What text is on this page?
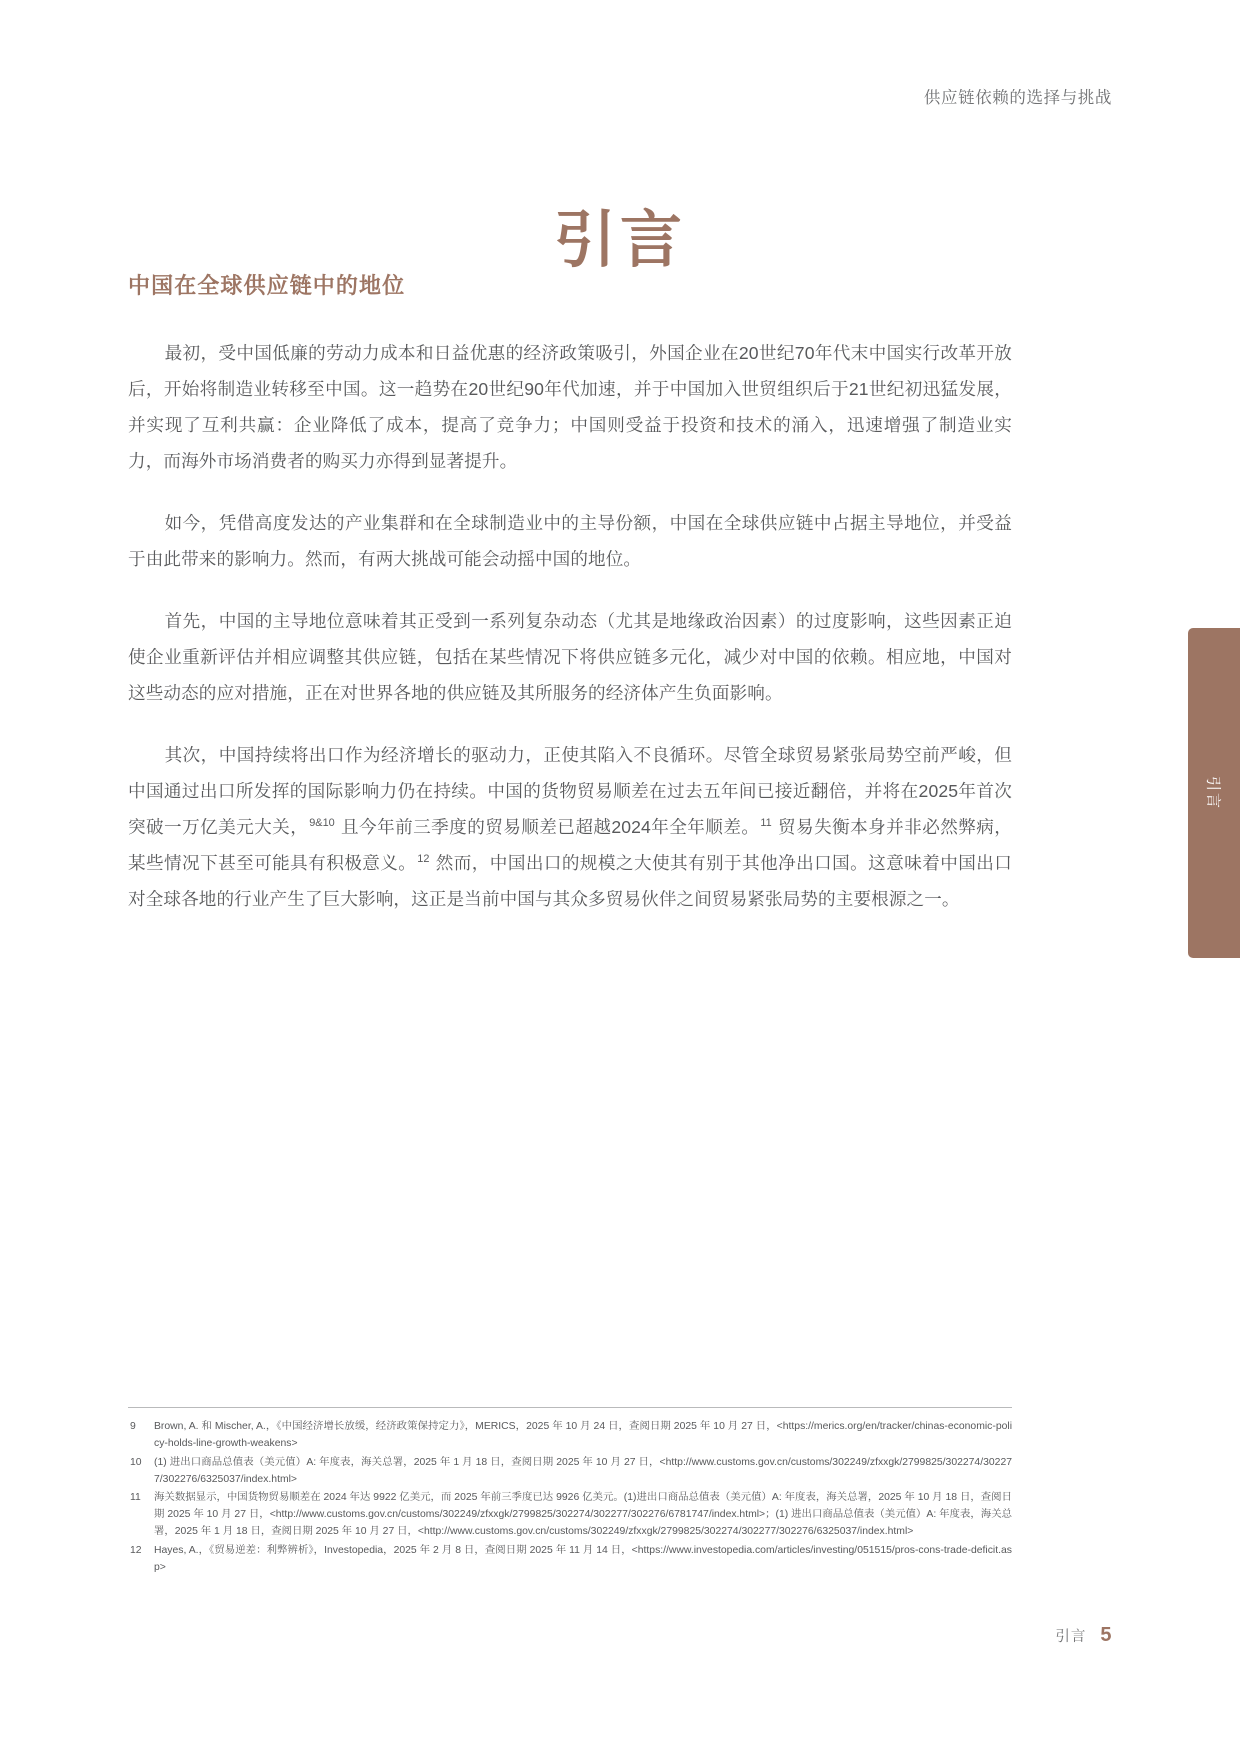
供应链依赖的选择与挑战
引言
中国在全球供应链中的地位

最初，受中国低廉的劳动力成本和日益优惠的经济政策吸引，外国企业在20世纪70年代末中国实行改革开放后，开始将制造业转移至中国。这一趋势在20世纪90年代加速，并于中国加入世贸组织后于21世纪初迅猛发展，并实现了互利共赢：企业降低了成本，提高了竞争力；中国则受益于投资和技术的涌入，迅速增强了制造业实力，而海外市场消费者的购买力亦得到显著提升。

如今，凭借高度发达的产业集群和在全球制造业中的主导份额，中国在全球供应链中占据主导地位，并受益于由此带来的影响力。然而，有两大挑战可能会动摇中国的地位。

首先，中国的主导地位意味着其正受到一系列复杂动态（尤其是地缘政治因素）的过度影响，这些因素正迫使企业重新评估并相应调整其供应链，包括在某些情况下将供应链多元化，减少对中国的依赖。相应地，中国对这些动态的应对措施，正在对世界各地的供应链及其所服务的经济体产生负面影响。

其次，中国持续将出口作为经济增长的驱动力，正使其陷入不良循环。尽管全球贸易紧张局势空前严峻，但中国通过出口所发挥的国际影响力仍在持续。中国的货物贸易顺差在过去五年间已接近翻倍，并将在2025年首次突破一万亿美元大关，$^{9\&10}$ 且今年前三季度的贸易顺差已超越2024年全年顺差。$^{11}$ 贸易失衡本身并非必然弊病，某些情况下甚至可能具有积极意义。$^{12}$ 然而，中国出口的规模之大使其有别于其他净出口国。这意味着中国出口对全球各地的行业产生了巨大影响，这正是当前中国与其众多贸易伙伴之间贸易紧张局势的主要根源之一。

引言
9	Brown, A. 和 Mischer, A.，《中国经济增长放缓，经济政策保持定力》，MERICS，2025 年 10 月 24 日，查阅日期 2025 年 10 月 27 日，<https://merics.org/en/tracker/chinas-economic-policy-holds-line-growth-weakens>
10	(1) 进出口商品总值表（美元值）A: 年度表，海关总署，2025 年 1 月 18 日，查阅日期 2025 年 10 月 27 日，<http://www.customs.gov.cn/customs/302249/zfxxgk/2799825/302274/302277/302276/6325037/index.html>
11	海关数据显示，中国货物贸易顺差在 2024 年达 9922 亿美元，而 2025 年前三季度已达 9926 亿美元。(1)进出口商品总值表（美元值）A: 年度表，海关总署，2025 年 10 月 18 日，查阅日期 2025 年 10 月 27 日，<http://www.customs.gov.cn/customs/302249/zfxxgk/2799825/302274/302277/302276/6781747/index.html>；(1) 进出口商品总值表（美元值）A: 年度表，海关总署，2025 年 1 月 18 日，查阅日期 2025 年 10 月 27 日，<http://www.customs.gov.cn/customs/302249/zfxxgk/2799825/302274/302277/302276/6325037/index.html>
12	Hayes, A.，《贸易逆差：利弊辨析》，Investopedia，2025 年 2 月 8 日，查阅日期 2025 年 11 月 14 日，<https://www.investopedia.com/articles/investing/051515/pros-cons-trade-deficit.asp>
引言 5
